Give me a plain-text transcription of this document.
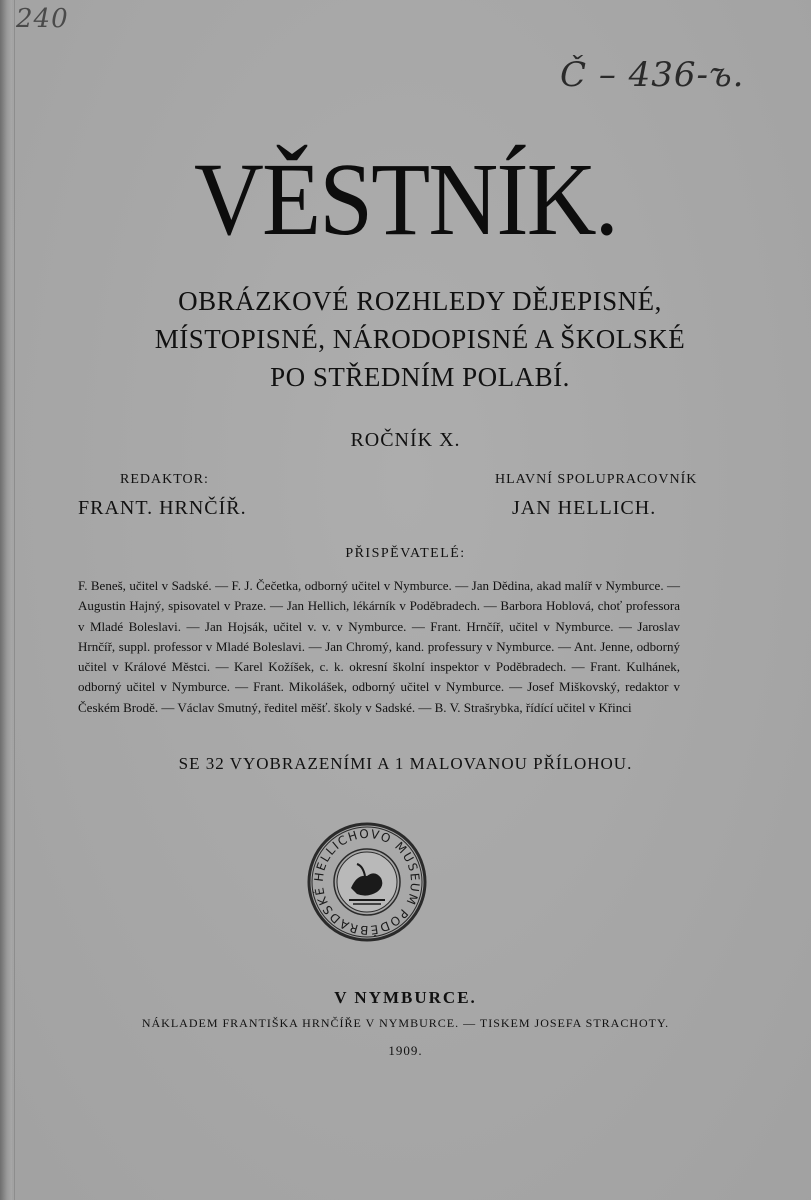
240
Č – 436-ъ.
VĚSTNÍK.
OBRÁZKOVÉ ROZHLEDY DĚJEPISNÉ,
MÍSTOPISNÉ, NÁRODOPISNÉ A ŠKOLSKÉ
PO STŘEDNÍM POLABÍ.
ROČNÍK X.
REDAKTOR:
FRANT. HRNČÍŘ.
HLAVNÍ SPOLUPRACOVNÍK
JAN HELLICH.
PŘISPĚVATELÉ:

F. Beneš, učitel v Sadské. — F. J. Čečetka, odborný učitel v Nymburce. — Jan Dědina, akad malíř v Nymburce. — Augustin Hajný, spisovatel v Praze. — Jan Hellich, lékárník v Poděbradech. — Barbora Hoblová, choť professora v Mladé Boleslavi. — Jan Hojsák, učitel v. v. v Nymburce. — Frant. Hrnčíř, učitel v Nymburce. — Jaroslav Hrnčíř, suppl. professor v Mladé Boleslavi. — Jan Chromý, kand. professury v Nymburce. — Ant. Jenne, odborný učitel v Králové Městci. — Karel Kožíšek, c. k. okresní školní inspektor v Poděbradech. — Frant. Kulhánek, odborný učitel v Nymburce. — Frant. Mikolášek, odborný učitel v Nymburce. — Josef Miškovský, redaktor v Českém Brodě. — Václav Smutný, ředitel měšť. školy v Sadské. — B. V. Strašrybka, řídící učitel v Křinci

SE 32 VYOBRAZENÍMI A 1 MALOVANOU PŘÍLOHOU.
HELLICHOVO MUSEUM PODĚBRADSKÉ
V NYMBURCE.
NÁKLADEM FRANTIŠKA HRNČÍŘE V NYMBURCE. — TISKEM JOSEFA STRACHOTY.
1909.
